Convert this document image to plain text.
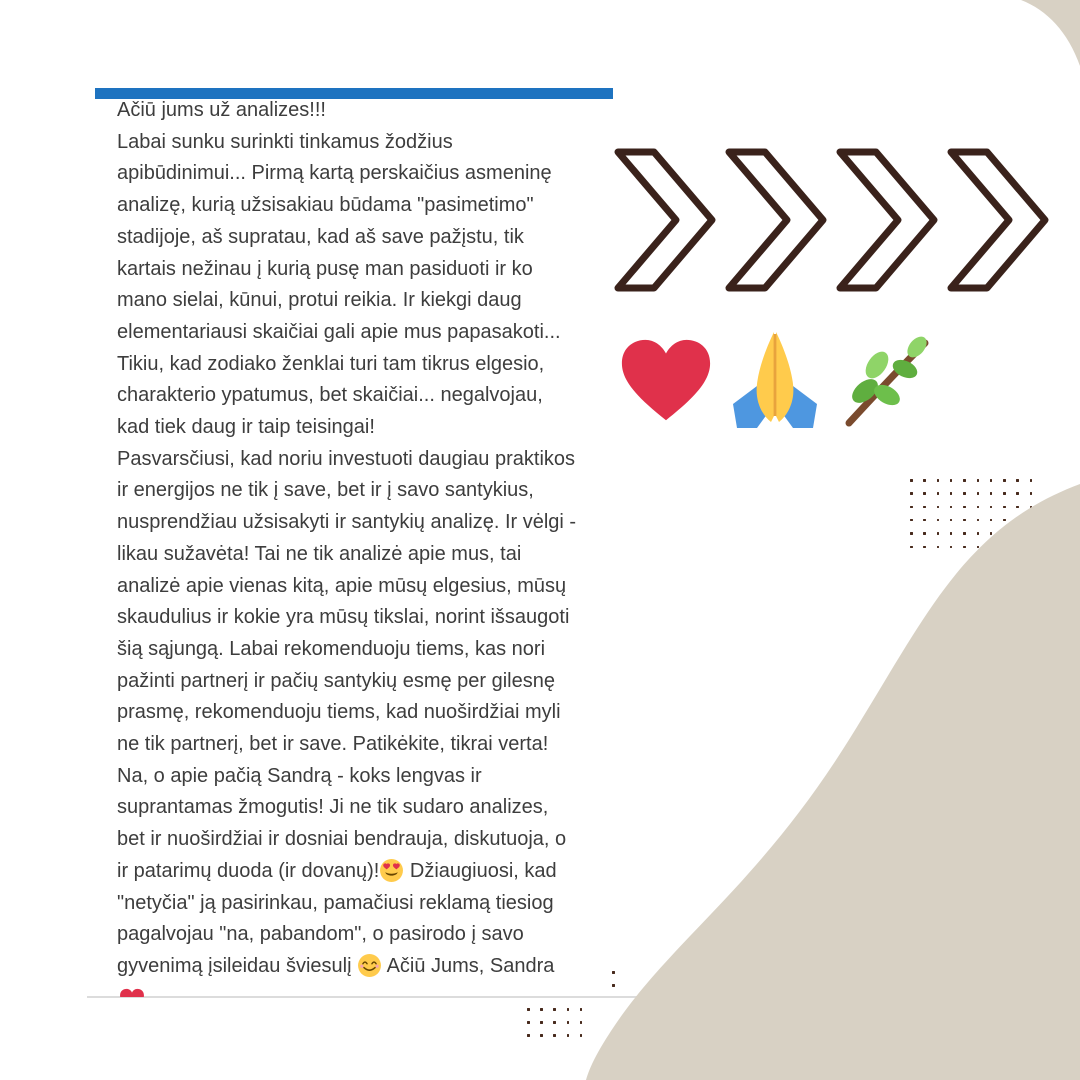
Ačiū jums už analizes!!!
Labai sunku surinkti tinkamus žodžius
apibūdinimui... Pirmą kartą perskaičius asmeninę
analizę, kurią užsisakiau būdama "pasimetimo"
stadijoje, aš supratau, kad aš save pažįstu, tik
kartais nežinau į kurią pusę man pasiduoti ir ko
mano sielai, kūnui, protui reikia. Ir kiekgi daug
elementariausi skaičiai gali apie mus papasakoti...
Tikiu, kad zodiako ženklai turi tam tikrus elgesio,
charakterio ypatumus, bet skaičiai... negalvojau,
kad tiek daug ir taip teisingai!
Pasvarsčiusi, kad noriu investuoti daugiau praktikos
ir energijos ne tik į save, bet ir į savo santykius,
nusprendžiau užsisakyti ir santykių analizę. Ir vėlgi -
likau sužavėta! Tai ne tik analizė apie mus, tai
analizė apie vienas kitą, apie mūsų elgesius, mūsų
skaudulius ir kokie yra mūsų tikslai, norint išsaugoti
šią sąjungą. Labai rekomenduoju tiems, kas nori
pažinti partnerį ir pačių santykių esmę per gilesnę
prasmę, rekomenduoju tiems, kad nuoširdžiai myli
ne tik partnerį, bet ir save. Patikėkite, tikrai verta!
Na, o apie pačią Sandrą - koks lengvas ir
suprantamas žmogutis! Ji ne tik sudaro analizes,
bet ir nuoširdžiai ir dosniai bendrauja, diskutuoja, o
ir patarimų duoda (ir dovanų)! Džiaugiuosi, kad
"netyčia" ją pasirinkau, pamačiusi reklamą tiesiog
pagalvojau "na, pabandom", o pasirodo į savo
gyvenimą įsileidau šviesulį  Ačiū Jums, Sandra
